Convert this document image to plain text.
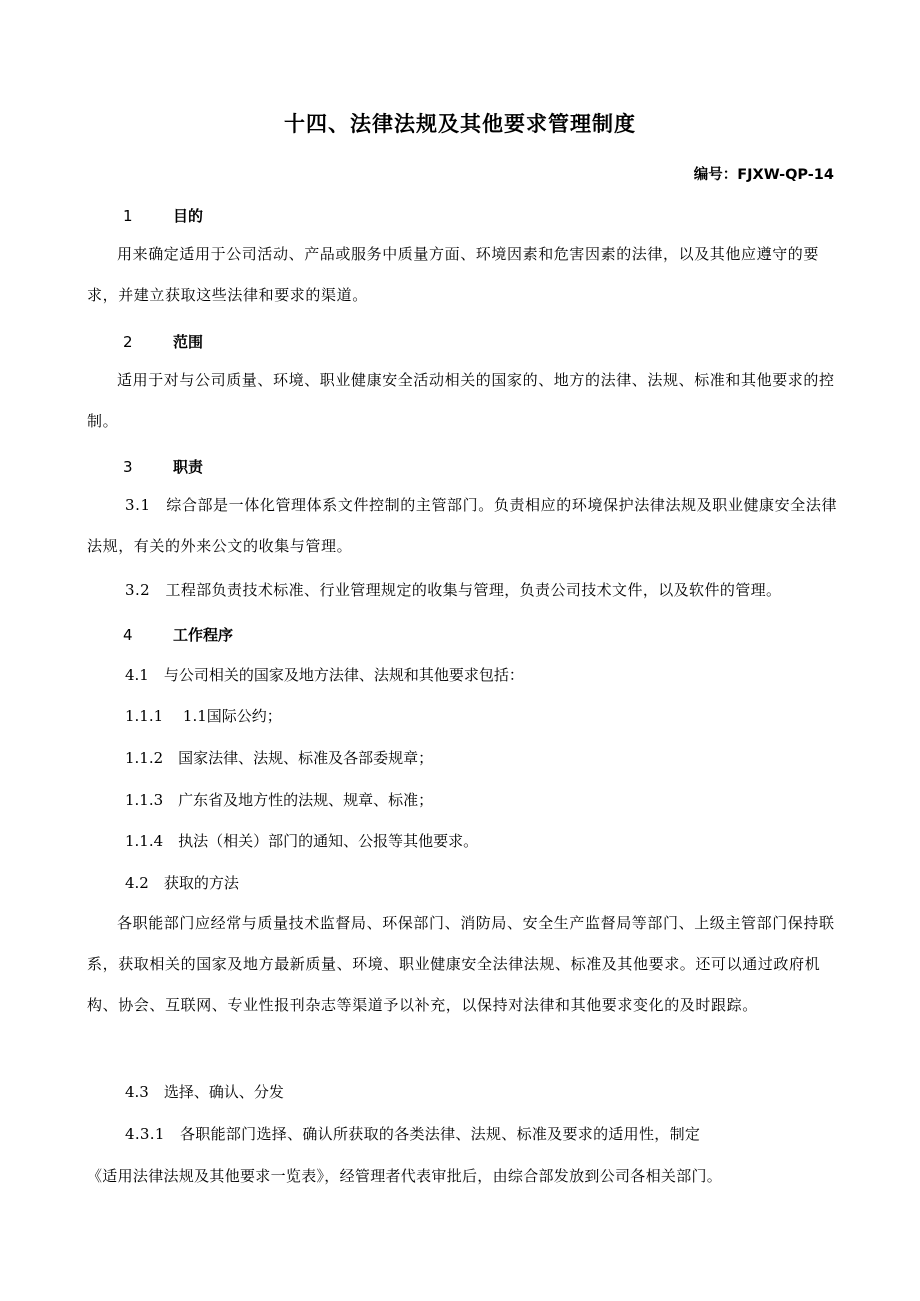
十四、法律法规及其他要求管理制度
编号：FJXW-QP-14
1	目的
用来确定适用于公司活动、产品或服务中质量方面、环境因素和危害因素的法律，以及其他应遵守的要求，并建立获取这些法律和要求的渠道。
2	范围
适用于对与公司质量、环境、职业健康安全活动相关的国家的、地方的法律、法规、标准和其他要求的控制。
3	职责
3.1　综合部是一体化管理体系文件控制的主管部门。负责相应的环境保护法律法规及职业健康安全法律法规，有关的外来公文的收集与管理。
3.2　工程部负责技术标准、行业管理规定的收集与管理，负责公司技术文件，以及软件的管理。
4	工作程序
4.1　与公司相关的国家及地方法律、法规和其他要求包括：
1.1.1　 1.1国际公约；
1.1.2　国家法律、法规、标准及各部委规章；
1.1.3　广东省及地方性的法规、规章、标准；
1.1.4　执法（相关）部门的通知、公报等其他要求。
4.2　获取的方法
各职能部门应经常与质量技术监督局、环保部门、消防局、安全生产监督局等部门、上级主管部门保持联系，获取相关的国家及地方最新质量、环境、职业健康安全法律法规、标准及其他要求。还可以通过政府机构、协会、互联网、专业性报刊杂志等渠道予以补充，以保持对法律和其他要求变化的及时跟踪。
4.3　选择、确认、分发
4.3.1　各职能部门选择、确认所获取的各类法律、法规、标准及要求的适用性，制定
《适用法律法规及其他要求一览表》，经管理者代表审批后，由综合部发放到公司各相关部门。
